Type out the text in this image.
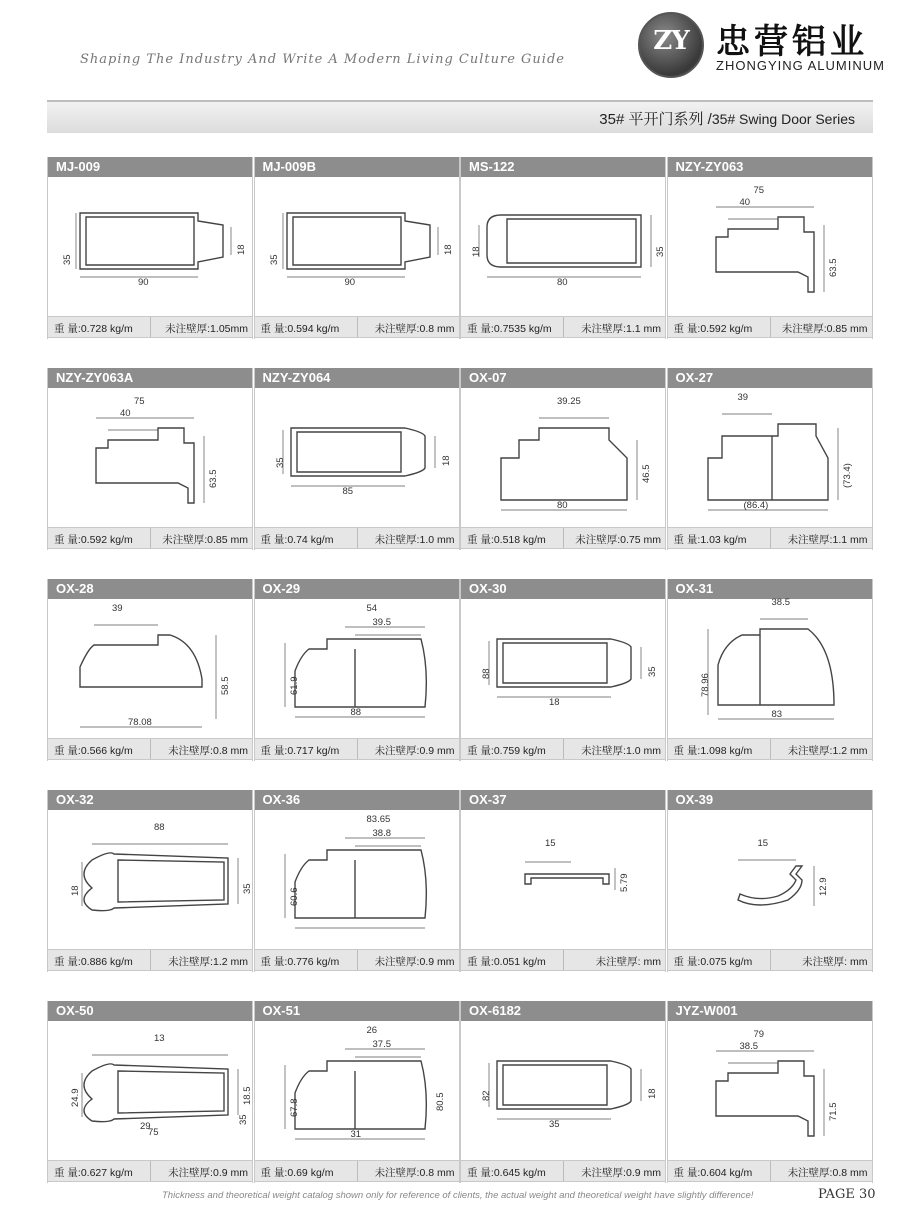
Shaping The Industry And Write A Modern Living Culture Guide
ZY 忠营铝业
ZHONGYING ALUMINUM
35# 平开门系列 /35# Swing Door Series
MJ-009
35
18
90
重 量:0.728 kg/m	未注壁厚:1.05mm
MJ-009B
35
18
90
重 量:0.594 kg/m	未注壁厚:0.8 mm
MS-122
18	35
80
重 量:0.7535 kg/m	未注壁厚:1.1 mm
NZY-ZY063
75
40
63.5
重 量:0.592 kg/m	未注壁厚:0.85 mm
NZY-ZY063A
75
40
63.5
重 量:0.592 kg/m	未注壁厚:0.85 mm
NZY-ZY064
35	18
85
重 量:0.74 kg/m	未注壁厚:1.0 mm
OX-07
39.25
46.5
80
重 量:0.518 kg/m	未注壁厚:0.75 mm
OX-27
39
(73.4)
(86.4)
重 量:1.03 kg/m	未注壁厚:1.1 mm
OX-28
39
58.5
78.08
重 量:0.566 kg/m	未注壁厚:0.8 mm
OX-29
54
39.5
61.9
88
重 量:0.717 kg/m	未注壁厚:0.9 mm
OX-30
88	35
18
重 量:0.759 kg/m	未注壁厚:1.0 mm
OX-31
38.5
78.96
83
重 量:1.098 kg/m	未注壁厚:1.2 mm
OX-32
88
18	35
重 量:0.886 kg/m	未注壁厚:1.2 mm
OX-36
83.65
38.8
60.6
重 量:0.776 kg/m	未注壁厚:0.9 mm
OX-37
15
5.79
重 量:0.051 kg/m	未注壁厚: mm
OX-39
15
12.9
重 量:0.075 kg/m	未注壁厚: mm
OX-50
13
24.9	18.5
29
35
75
重 量:0.627 kg/m	未注壁厚:0.9 mm
OX-51
26
37.5
67.8
31
80.5
重 量:0.69 kg/m	未注壁厚:0.8 mm
OX-6182
82	18
35
重 量:0.645 kg/m	未注壁厚:0.9 mm
JYZ-W001
79
38.5
71.5
重 量:0.604 kg/m	未注壁厚:0.8 mm
Thickness and theoretical weight catalog shown only for reference of clients, the actual weight and theoretical weight have slightly difference!	PAGE 30
